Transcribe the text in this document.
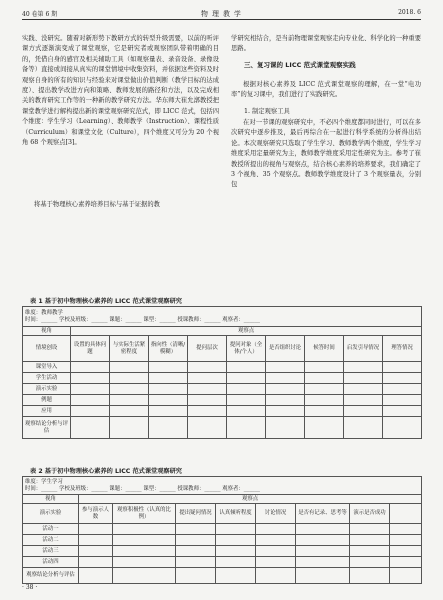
40 卷第 6 期	物 理 教 学	2018. 6

实践、没研究。随着对新形势下教研方式的转型升级需要，以前的听评课方式逐渐演变成了课堂观察，它是研究者或观察团队带着明确的目的，凭借自身的感官及相关辅助工具（如观察量表、录音设备、录像设备等）直接或间接从真实的课堂情境中收集资料，并依据这些资料及时观察自身的所有的知识与经验来对课堂做出价值判断（教学目标的达成度）、提出教学改进方向和策略、教师发展的路径和方法，以及完成相关的教育研究工作等的一种新的教学研究方法。华东师大崔允漷教授把课堂教学进行解构提出新的课堂观察研究范式，即 LICC 范式，包括四个维度：学生学习（Learning）、教师教学（Instruction）、课程性质（Curriculum）和课堂文化（Culture），四个维度又可分为 20 个视角 68 个观察点[3]。

将基于物理核心素养培养目标与基于证据的教

学研究相结合，是当前物理课堂观察走向专业化、科学化的一种重要思路。
三、复习课的 LICC 范式课堂观察实践
根据对核心素养及 LICC 范式课堂观察的理解，在一堂“电功率”的复习课中，我们进行了实践研究。
1. 制定观察工具
在对一节课的观察研究中，不必四个维度都同时进行，可以在多次研究中逐步推及，最后再综合在一起进行科学系统的分析得出结论。本次观察研究只选取了学生学习、教师教学两个维度，学生学习维度采用定量研究为主，教师教学维度采用定性研究为主。参考了崔教授所提出的视角与观察点，结合核心素养的培养要求，我们确定了 3 个视角、35 个观察点。教师教学维度设计了 3 个观察量表，分别包
表 1 基于初中物理核心素养的 LICC 范式课堂观察研究
维度：教师教学
时间：______ 学校及班级：______ 课题：______ 课型：______ 授课教师：______ 观察者：______									

视角	观察点								
情境创设	设置的具体问题	与实际生活紧密程度	指向性（清晰/模糊）	提问层次	提问对象（全体/个人）	是否组织讨论	候答时间	启发引导情况	理答情况
课堂导入									
学生活动									
演示实验									
例题									
应用									
观察结论分析与评估									
表 2 基于初中物理核心素养的 LICC 范式课堂观察研究
维度：学生学习
时间：______ 学校及班级：______ 课题：______ 课型：______ 授课教师：______ 观察者：______								

视角	观察点							
演示实验	参与演示人数	观察积极性（认真的比例）	提出疑问情况	认真倾听程度	讨论情况	是否有记录、思考等	演示是否成功	
活动一								
活动二								
活动三								
活动四								
观察结论分析与评估								
· 38 ·
